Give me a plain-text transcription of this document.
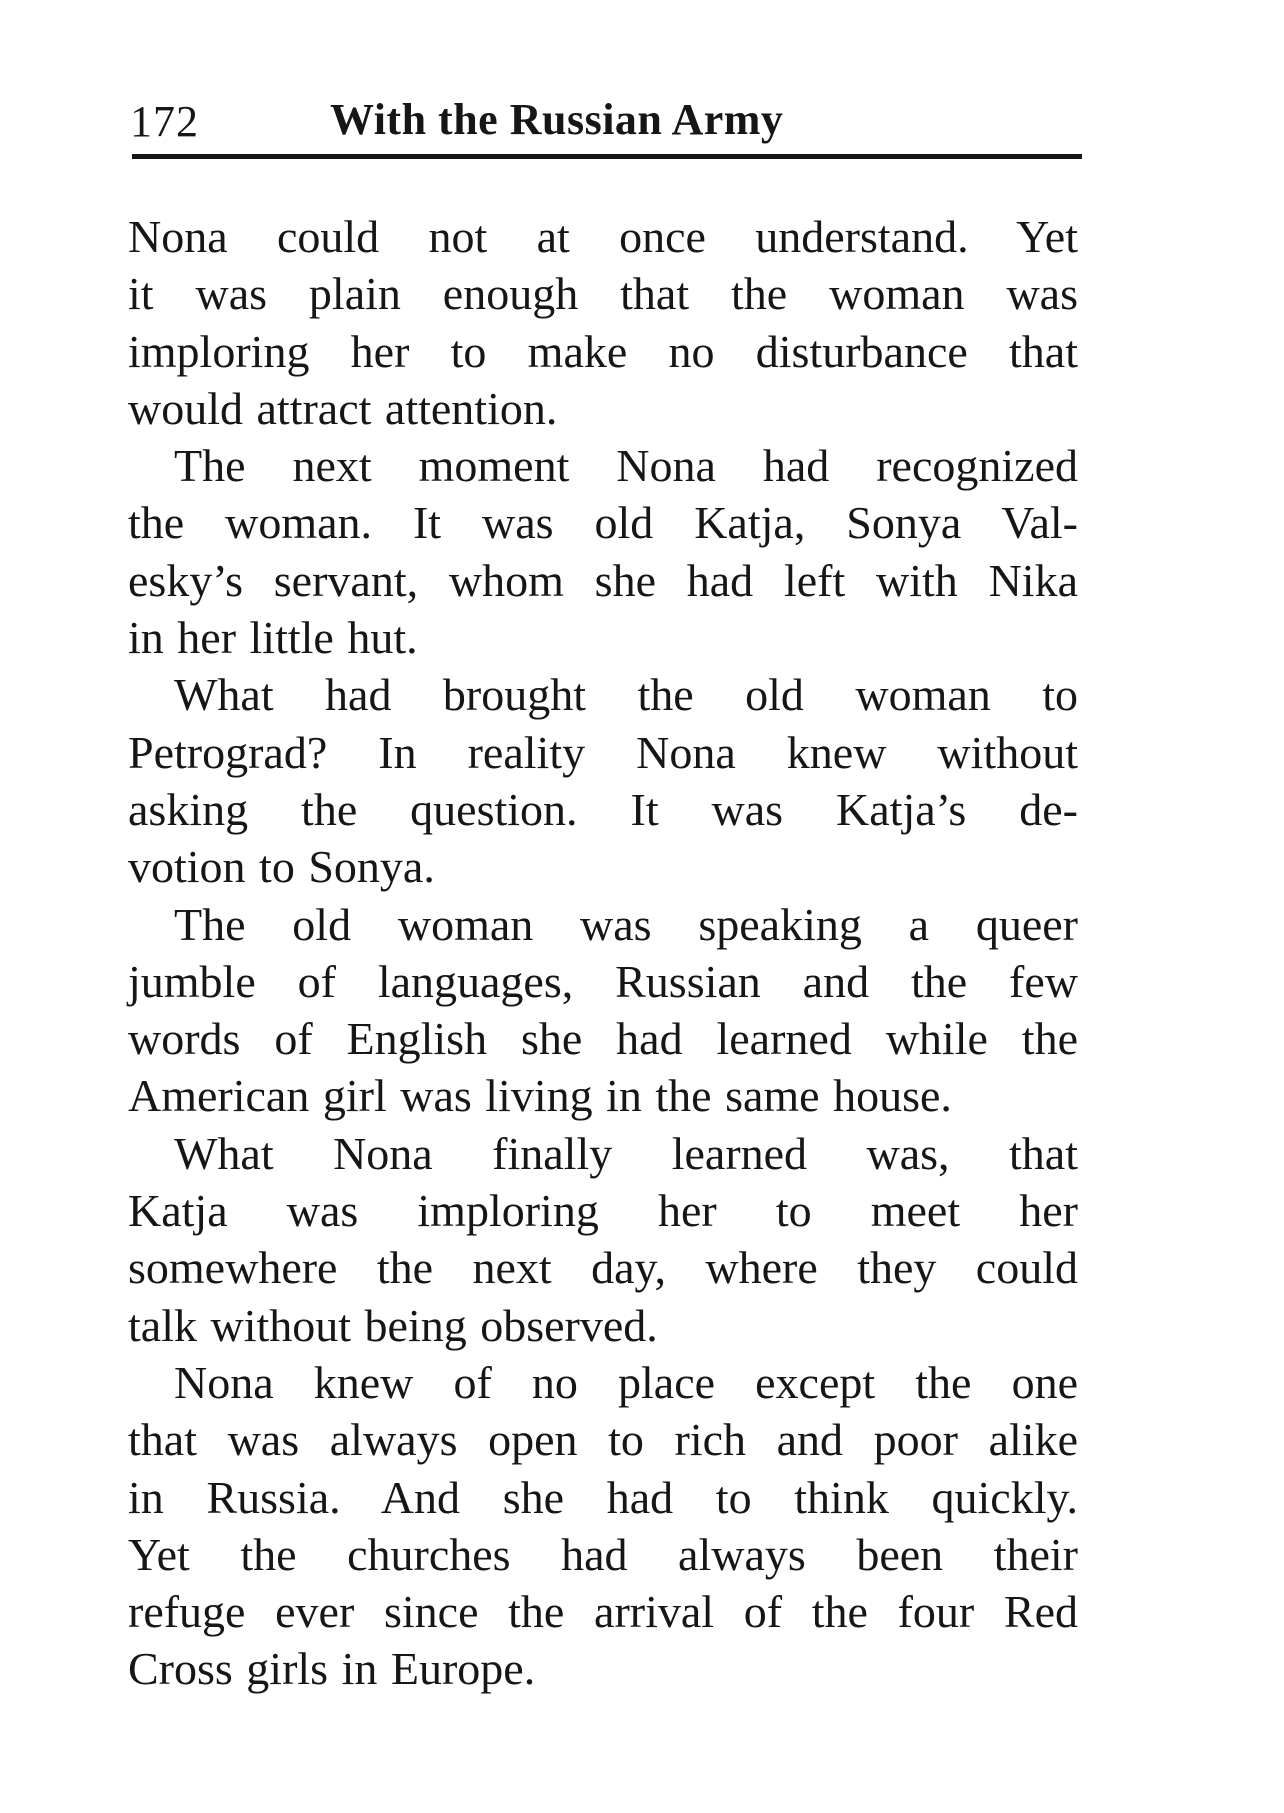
172	With the Russian Army
Nona could not at once understand. Yet
it was plain enough that the woman was
imploring her to make no disturbance that
would attract attention.
The next moment Nona had recognized
the woman. It was old Katja, Sonya Val-
esky’s servant, whom she had left with Nika
in her little hut.
What had brought the old woman to
Petrograd? In reality Nona knew without
asking the question. It was Katja’s de-
votion to Sonya.
The old woman was speaking a queer
jumble of languages, Russian and the few
words of English she had learned while the
American girl was living in the same house.
What Nona finally learned was, that
Katja was imploring her to meet her
somewhere the next day, where they could
talk without being observed.
Nona knew of no place except the one
that was always open to rich and poor alike
in Russia. And she had to think quickly.
Yet the churches had always been their
refuge ever since the arrival of the four Red
Cross girls in Europe.
